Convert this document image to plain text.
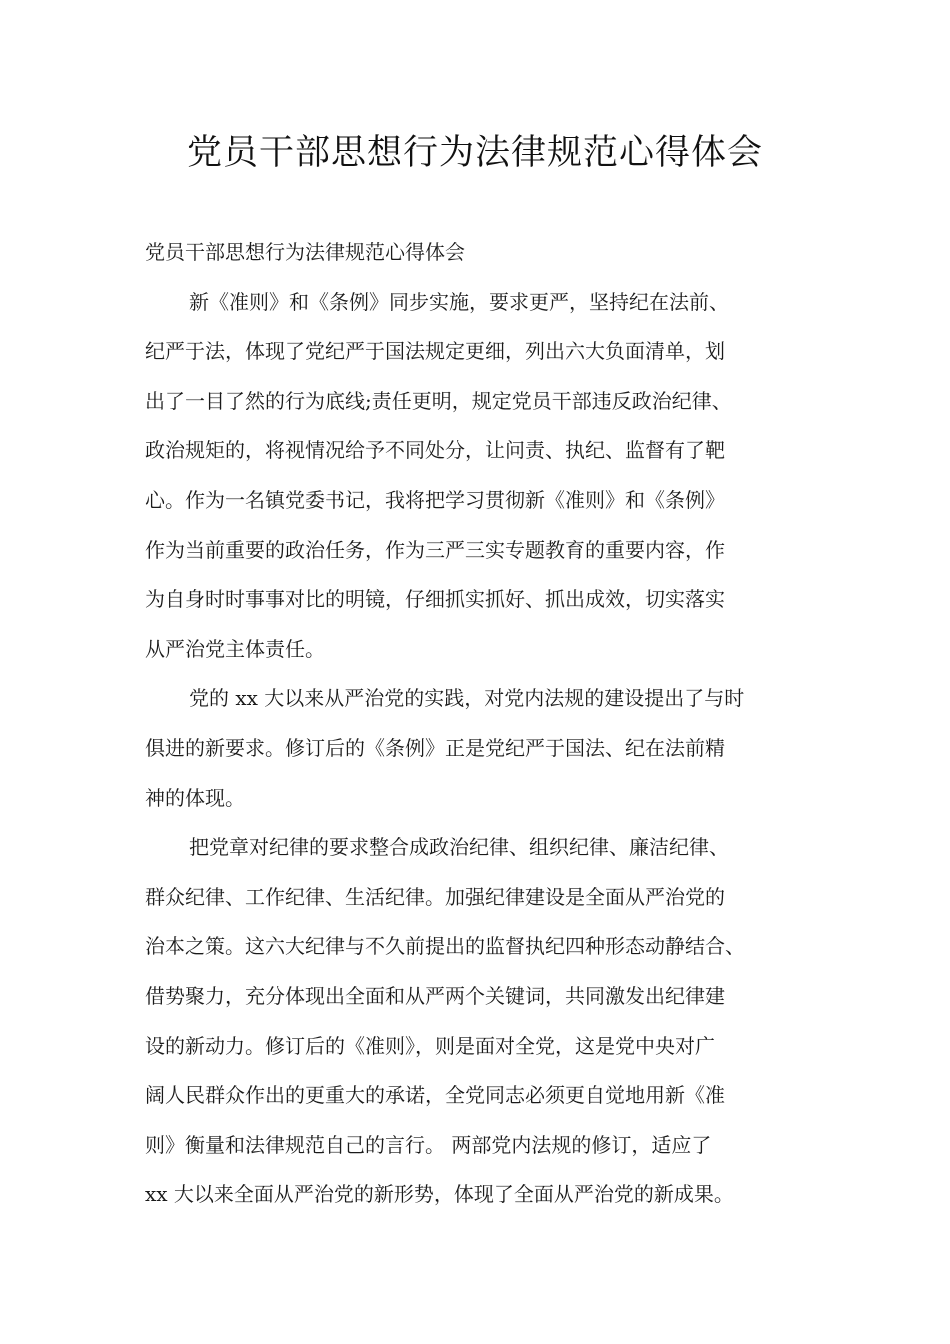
党员干部思想行为法律规范心得体会
党员干部思想行为法律规范心得体会
新《准则》和《条例》同步实施，要求更严，坚持纪在法前、
纪严于法，体现了党纪严于国法规定更细，列出六大负面清单，划
出了一目了然的行为底线;责任更明，规定党员干部违反政治纪律、
政治规矩的，将视情况给予不同处分，让问责、执纪、监督有了靶
心。作为一名镇党委书记，我将把学习贯彻新《准则》和《条例》
作为当前重要的政治任务，作为三严三实专题教育的重要内容，作
为自身时时事事对比的明镜，仔细抓实抓好、抓出成效，切实落实
从严治党主体责任。
党的 xx 大以来从严治党的实践，对党内法规的建设提出了与时
俱进的新要求。修订后的《条例》正是党纪严于国法、纪在法前精
神的体现。
把党章对纪律的要求整合成政治纪律、组织纪律、廉洁纪律、
群众纪律、工作纪律、生活纪律。加强纪律建设是全面从严治党的
治本之策。这六大纪律与不久前提出的监督执纪四种形态动静结合、
借势聚力，充分体现出全面和从严两个关键词，共同激发出纪律建
设的新动力。修订后的《准则》，则是面对全党，这是党中央对广
阔人民群众作出的更重大的承诺，全党同志必须更自觉地用新《准
则》衡量和法律规范自己的言行。 两部党内法规的修订，适应了
xx 大以来全面从严治党的新形势，体现了全面从严治党的新成果。
